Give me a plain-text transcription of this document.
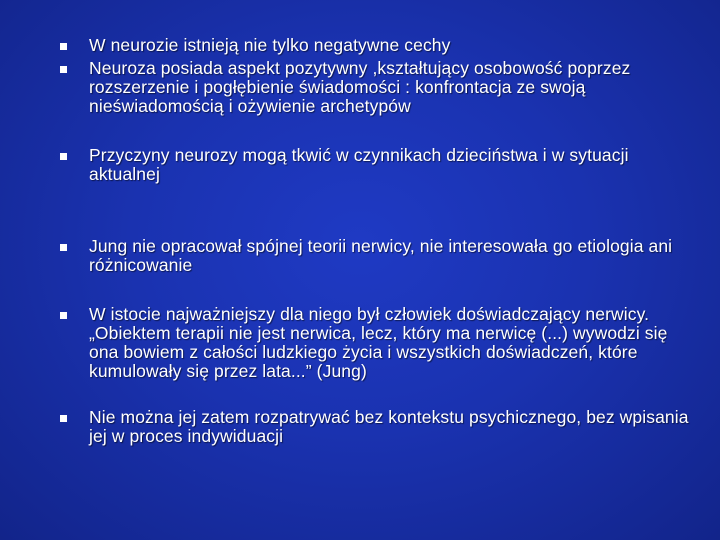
W neurozie istnieją nie tylko negatywne cechy
Neuroza posiada aspekt pozytywny ,kształtujący osobowość poprzez rozszerzenie i pogłębienie świadomości : konfrontacja ze swoją nieświadomością i ożywienie archetypów
Przyczyny neurozy mogą tkwić w czynnikach dzieciństwa i w sytuacji aktualnej
Jung nie opracował spójnej teorii nerwicy, nie interesowała go etiologia ani różnicowanie
W istocie najważniejszy dla niego był człowiek doświadczający nerwicy. „Obiektem terapii nie jest nerwica, lecz, który ma nerwicę (...) wywodzi się ona bowiem z całości ludzkiego życia i wszystkich doświadczeń, które kumulowały się przez lata...” (Jung)
Nie można jej zatem rozpatrywać bez kontekstu psychicznego, bez wpisania jej w proces indywiduacji
